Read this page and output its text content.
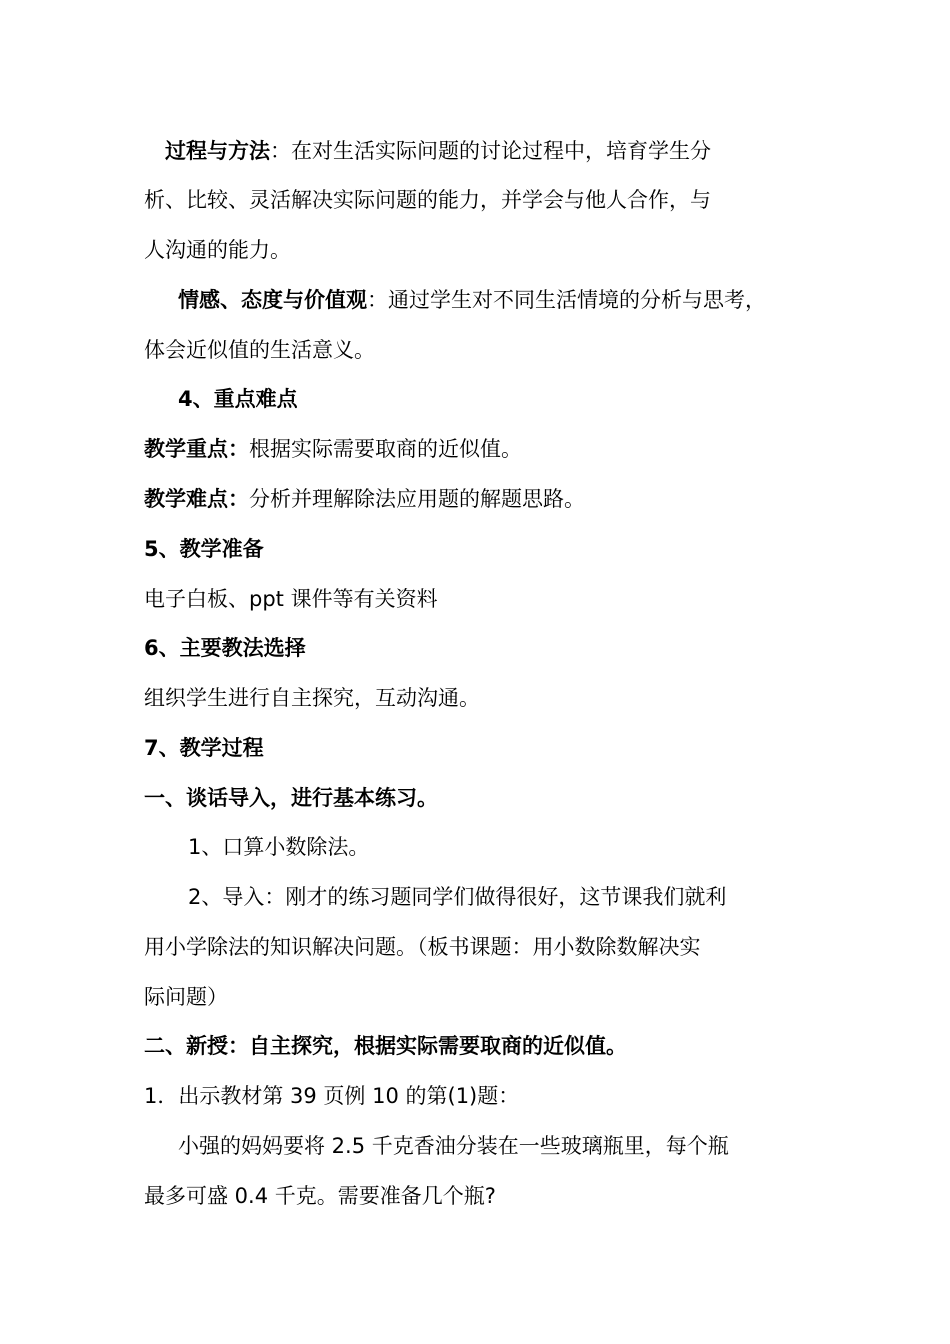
过程与方法：在对生活实际问题的讨论过程中，培育学生分
析、比较、灵活解决实际问题的能力，并学会与他人合作，与
人沟通的能力。
情感、态度与价值观：通过学生对不同生活情境的分析与思考，
体会近似值的生活意义。
4、重点难点
教学重点：根据实际需要取商的近似值。
教学难点：分析并理解除法应用题的解题思路。
5、教学准备
电子白板、ppt 课件等有关资料
6、主要教法选择
组织学生进行自主探究，互动沟通。
7、教学过程
一、谈话导入，进行基本练习。
1、口算小数除法。
2、导入：刚才的练习题同学们做得很好，这节课我们就利
用小学除法的知识解决问题。（板书课题：用小数除数解决实
际问题）
二、新授：自主探究，根据实际需要取商的近似值。
1．出示教材第 39 页例 10 的第(1)题：
小强的妈妈要将 2.5 千克香油分装在一些玻璃瓶里，每个瓶
最多可盛 0.4 千克。需要准备几个瓶?
